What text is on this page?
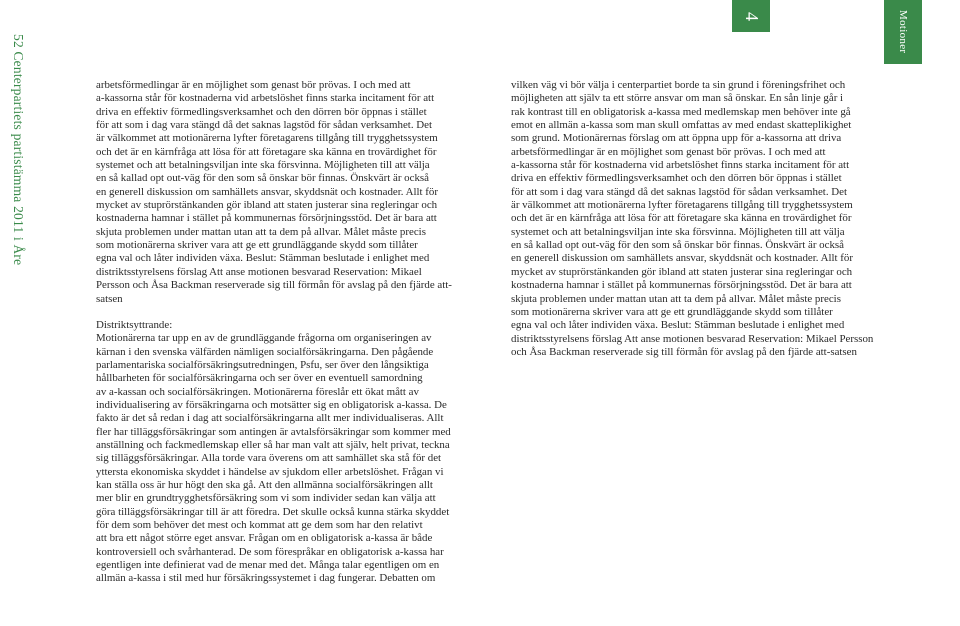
52 Centerpartiets partistämma 2011 i Åre
4	Motioner

arbetsförmedlingar är en möjlighet som genast bör prövas. I och med att

a-kassorna står för kostnaderna vid arbetslöshet finns starka incitament för att

driva en effektiv förmedlingsverksamhet och den dörren bör öppnas i stället

för att som i dag vara stängd då det saknas lagstöd för sådan verksamhet. Det

är välkommet att motionärerna lyfter företagarens tillgång till trygghetssystem

och det är en kärnfråga att lösa för att företagare ska känna en trovärdighet för

systemet och att betalningsviljan inte ska försvinna. Möjligheten till att välja

en så kallad opt out-väg för den som så önskar bör finnas. Önskvärt är också

en generell diskussion om samhällets ansvar, skyddsnät och kostnader. Allt för

mycket av stuprörstänkanden gör ibland att staten justerar sina regleringar och

kostnaderna hamnar i stället på kommunernas försörjningsstöd. Det är bara att

skjuta problemen under mattan utan att ta dem på allvar. Målet måste precis

som motionärerna skriver vara att ge ett grundläggande skydd som tillåter

egna val och låter individen växa. Beslut: Stämman beslutade i enlighet med

distriktsstyrelsens förslag Att anse motionen besvarad Reservation: Mikael

Persson och Åsa Backman reserverade sig till förmån för avslag på den fjärde att-

satsen

Distriktsyttrande:

Motionärerna tar upp en av de grundläggande frågorna om organiseringen av

kärnan i den svenska välfärden nämligen socialförsäkringarna. Den pågående

parlamentariska socialförsäkringsutredningen, Psfu, ser över den långsiktiga

hållbarheten för socialförsäkringarna och ser över en eventuell samordning

av a-kassan och socialförsäkringen. Motionärerna föreslår ett ökat mått av

individualisering av försäkringarna och motsätter sig en obligatorisk a-kassa. De

fakto är det så redan i dag att socialförsäkringarna allt mer individualiseras. Allt

fler har tilläggsförsäkringar som antingen är avtalsförsäkringar som kommer med

anställning och fackmedlemskap eller så har man valt att själv, helt privat, teckna

sig tilläggsförsäkringar. Alla torde vara överens om att samhället ska stå för det

yttersta ekonomiska skyddet i händelse av sjukdom eller arbetslöshet. Frågan vi

kan ställa oss är hur högt den ska gå. Att den allmänna socialförsäkringen allt

mer blir en grundtrygghetsförsäkring som vi som individer sedan kan välja att

göra tilläggsförsäkringar till är att föredra. Det skulle också kunna stärka skyddet

för dem som behöver det mest och kommat att ge dem som har den relativt

att bra ett något större eget ansvar. Frågan om en obligatorisk a-kassa är både

kontroversiell och svårhanterad. De som förespråkar en obligatorisk a-kassa har

egentligen inte definierat vad de menar med det. Många talar egentligen om en

allmän a-kassa i stil med hur försäkringssystemet i dag fungerar. Debatten om

vilken väg vi bör välja i centerpartiet borde ta sin grund i föreningsfrihet och

möjligheten att själv ta ett större ansvar om man så önskar. En sån linje går i

rak kontrast till en obligatorisk a-kassa med medlemskap men behöver inte gå

emot en allmän a-kassa som man skull omfattas av med endast skatteplikighet

som grund. Motionärernas förslag om att öppna upp för a-kassorna att driva

arbetsförmedlingar är en möjlighet som genast bör prövas. I och med att

a-kassorna står för kostnaderna vid arbetslöshet finns starka incitament för att

driva en effektiv förmedlingsverksamhet och den dörren bör öppnas i stället

för att som i dag vara stängd då det saknas lagstöd för sådan verksamhet. Det

är välkommet att motionärerna lyfter företagarens tillgång till trygghetssystem

och det är en kärnfråga att lösa för att företagare ska känna en trovärdighet för

systemet och att betalningsviljan inte ska försvinna. Möjligheten till att välja

en så kallad opt out-väg för den som så önskar bör finnas. Önskvärt är också

en generell diskussion om samhällets ansvar, skyddsnät och kostnader. Allt för

mycket av stuprörstänkanden gör ibland att staten justerar sina regleringar och

kostnaderna hamnar i stället på kommunernas försörjningsstöd. Det är bara att

skjuta problemen under mattan utan att ta dem på allvar. Målet måste precis

som motionärerna skriver vara att ge ett grundläggande skydd som tillåter

egna val och låter individen växa. Beslut: Stämman beslutade i enlighet med

distriktsstyrelsens förslag Att anse motionen besvarad Reservation: Mikael Persson

och Åsa Backman reserverade sig till förmån för avslag på den fjärde att-satsen
